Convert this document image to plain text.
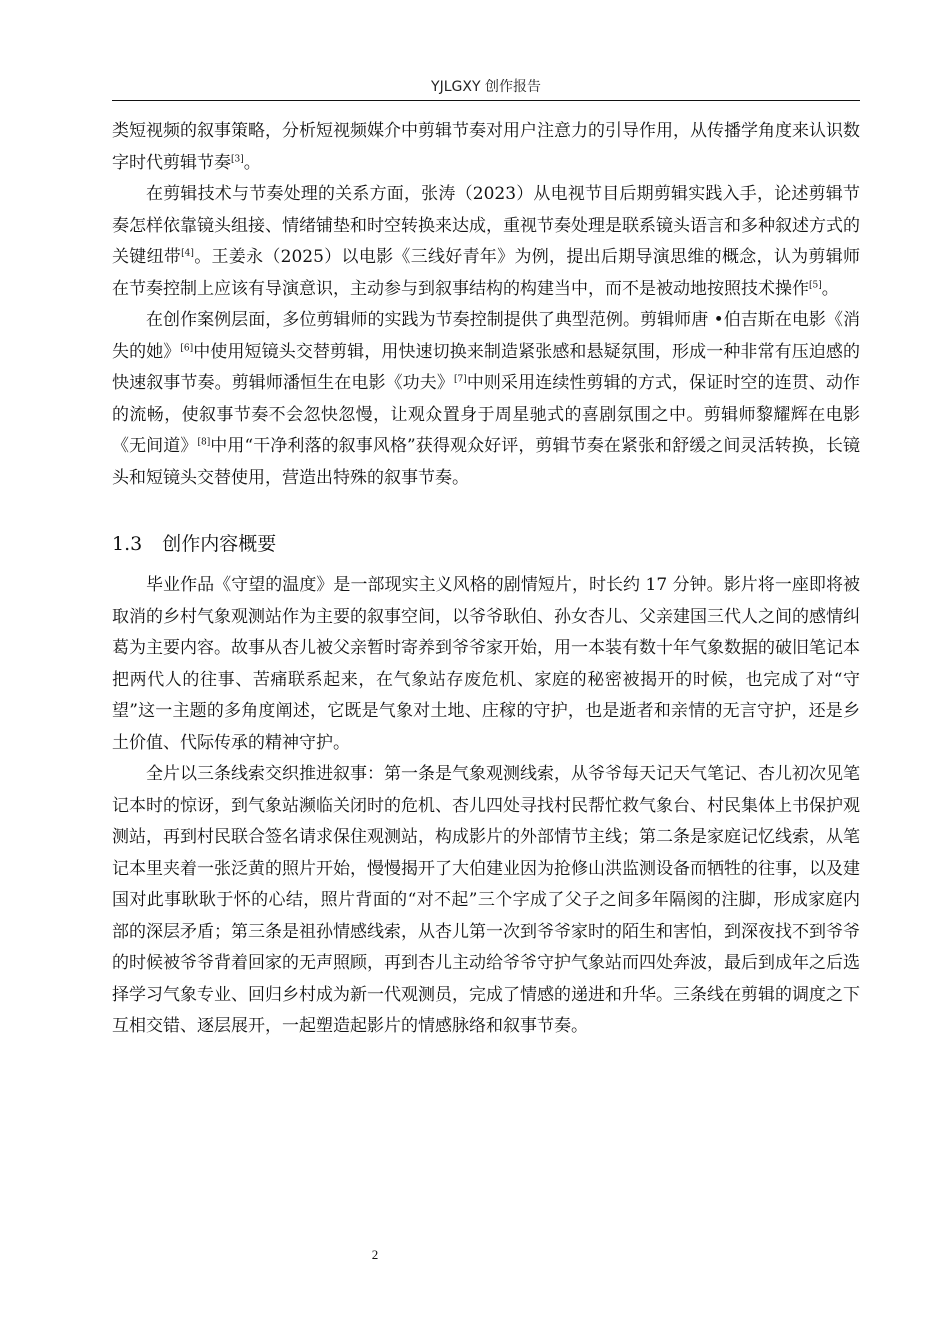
YJLGXY 创作报告

类短视频的叙事策略，分析短视频媒介中剪辑节奏对用户注意力的引导作用，从传播学角度来认识数字时代剪辑节奏[3]。

在剪辑技术与节奏处理的关系方面，张涛（2023）从电视节目后期剪辑实践入手，论述剪辑节奏怎样依靠镜头组接、情绪铺垫和时空转换来达成，重视节奏处理是联系镜头语言和多种叙述方式的关键纽带[4]。王姜永（2025）以电影《三线好青年》为例，提出后期导演思维的概念，认为剪辑师在节奏控制上应该有导演意识，主动参与到叙事结构的构建当中，而不是被动地按照技术操作[5]。

在创作案例层面，多位剪辑师的实践为节奏控制提供了典型范例。剪辑师唐 •伯吉斯在电影《消失的她》[6]中使用短镜头交替剪辑，用快速切换来制造紧张感和悬疑氛围，形成一种非常有压迫感的快速叙事节奏。剪辑师潘恒生在电影《功夫》[7]中则采用连续性剪辑的方式，保证时空的连贯、动作的流畅，使叙事节奏不会忽快忽慢，让观众置身于周星驰式的喜剧氛围之中。剪辑师黎耀辉在电影《无间道》[8]中用“干净利落的叙事风格”获得观众好评，剪辑节奏在紧张和舒缓之间灵活转换，长镜头和短镜头交替使用，营造出特殊的叙事节奏。

1.3 创作内容概要

毕业作品《守望的温度》是一部现实主义风格的剧情短片，时长约 17 分钟。影片将一座即将被取消的乡村气象观测站作为主要的叙事空间，以爷爷耿伯、孙女杏儿、父亲建国三代人之间的感情纠葛为主要内容。故事从杏儿被父亲暂时寄养到爷爷家开始，用一本装有数十年气象数据的破旧笔记本把两代人的往事、苦痛联系起来，在气象站存废危机、家庭的秘密被揭开的时候，也完成了对“守望”这一主题的多角度阐述，它既是气象对土地、庄稼的守护，也是逝者和亲情的无言守护，还是乡土价值、代际传承的精神守护。

全片以三条线索交织推进叙事：第一条是气象观测线索，从爷爷每天记天气笔记、杏儿初次见笔记本时的惊讶，到气象站濒临关闭时的危机、杏儿四处寻找村民帮忙救气象台、村民集体上书保护观测站，再到村民联合签名请求保住观测站，构成影片的外部情节主线；第二条是家庭记忆线索，从笔记本里夹着一张泛黄的照片开始，慢慢揭开了大伯建业因为抢修山洪监测设备而牺牲的往事，以及建国对此事耿耿于怀的心结，照片背面的“对不起”三个字成了父子之间多年隔阂的注脚，形成家庭内部的深层矛盾；第三条是祖孙情感线索，从杏儿第一次到爷爷家时的陌生和害怕，到深夜找不到爷爷的时候被爷爷背着回家的无声照顾，再到杏儿主动给爷爷守护气象站而四处奔波，最后到成年之后选择学习气象专业、回归乡村成为新一代观测员，完成了情感的递进和升华。三条线在剪辑的调度之下互相交错、逐层展开，一起塑造起影片的情感脉络和叙事节奏。

2
